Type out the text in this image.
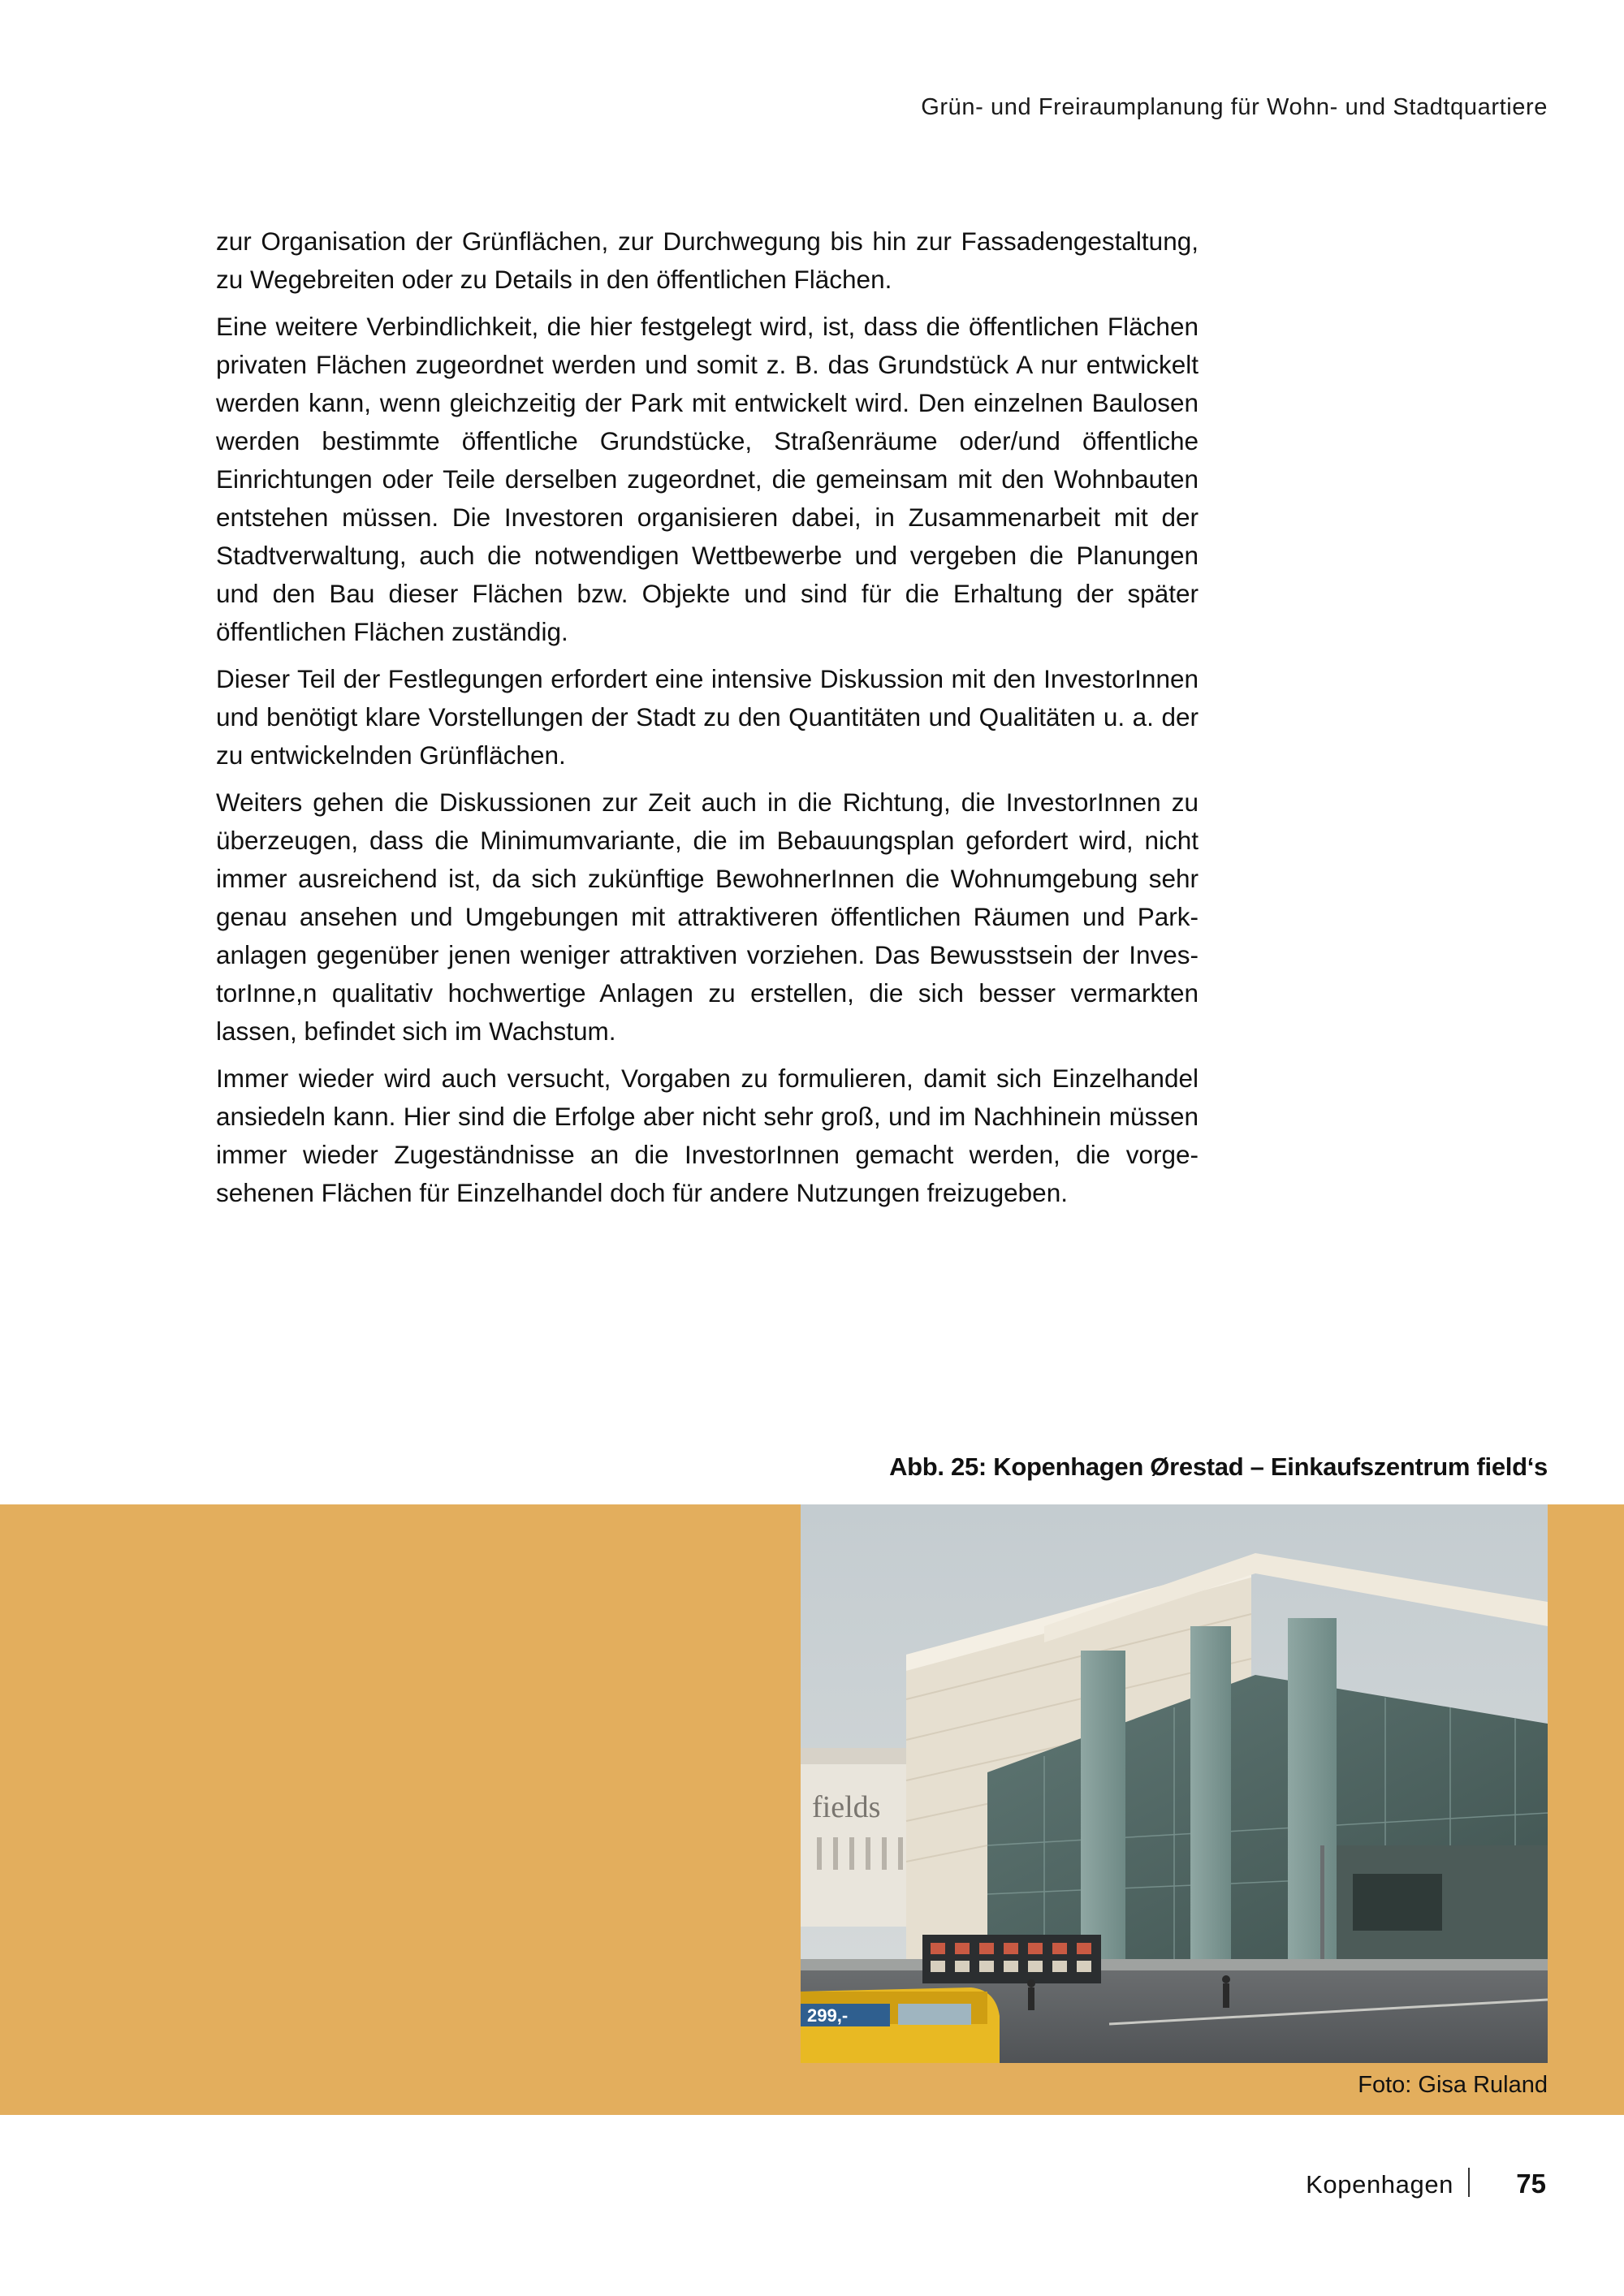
Grün- und Freiraumplanung für Wohn- und Stadtquartiere

zur Organisation der Grünflächen, zur Durchwegung bis hin zur Fassadengestaltung, zu Wegebreiten oder zu Details in den öffentlichen Flächen.

Eine weitere Verbindlichkeit, die hier festgelegt wird, ist, dass die öffentlichen Flächen privaten Flächen zugeordnet werden und somit z. B. das Grundstück A nur entwickelt werden kann, wenn gleichzeitig der Park mit entwickelt wird. Den einzelnen Baulosen werden bestimmte öffentliche Grundstücke, Straßenräume oder/und öffentliche Einrichtungen oder Teile derselben zugeordnet, die gemeinsam mit den Wohnbauten entstehen müssen. Die Investoren organisieren dabei, in Zusammenarbeit mit der Stadtverwaltung, auch die notwendigen Wettbewerbe und vergeben die Planungen und den Bau dieser Flächen bzw. Objekte und sind für die Erhaltung der später öffentlichen Flächen zuständig.

Dieser Teil der Festlegungen erfordert eine intensive Diskussion mit den InvestorInnen und benötigt klare Vorstellungen der Stadt zu den Quantitäten und Qualitäten u. a. der zu entwickelnden Grünflächen.

Weiters gehen die Diskussionen zur Zeit auch in die Richtung, die InvestorInnen zu überzeugen, dass die Minimumvariante, die im Bebauungsplan gefordert wird, nicht immer ausreichend ist, da sich zukünftige BewohnerInnen die Wohnumgebung sehr genau ansehen und Umgebungen mit attraktiveren öffentlichen Räumen und Parkanlagen gegenüber jenen weniger attraktiven vorziehen. Das Bewusstsein der InvestorInne,n qualitativ hochwertige Anlagen zu erstellen, die sich besser vermarkten lassen, befindet sich im Wachstum.

Immer wieder wird auch versucht, Vorgaben zu formulieren, damit sich Einzelhandel ansiedeln kann. Hier sind die Erfolge aber nicht sehr groß, und im Nachhinein müssen immer wieder Zugeständnisse an die InvestorInnen gemacht werden, die vorgesehenen Flächen für Einzelhandel doch für andere Nutzungen freizugeben.

Abb. 25: Kopenhagen Ørestad – Einkaufszentrum field‘s
fields
299,-
Foto: Gisa Ruland
Kopenhagen 75
